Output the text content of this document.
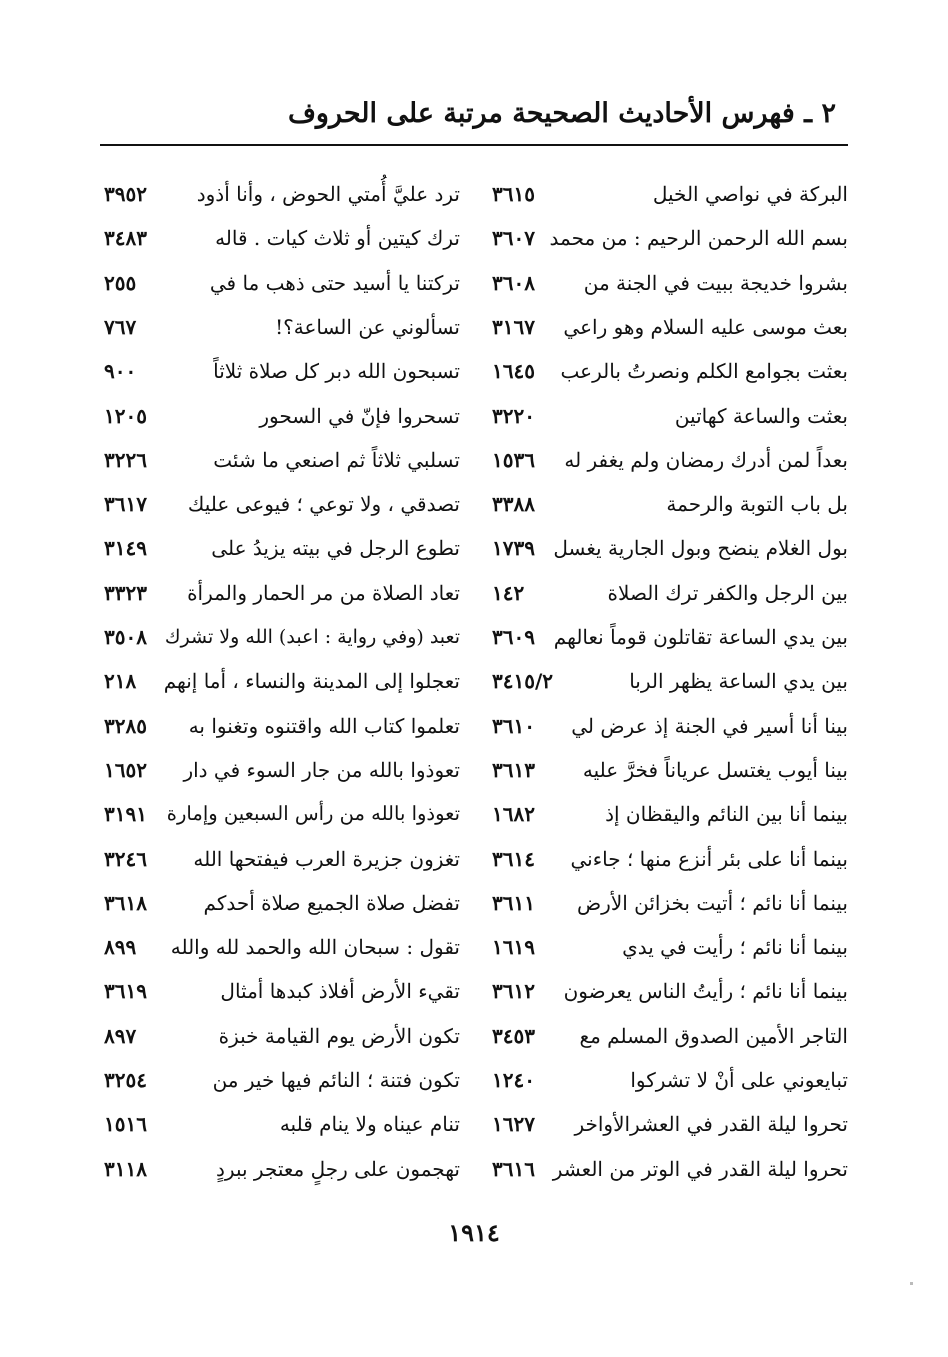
٢ ـ فهرس الأحاديث الصحيحة مرتبة على الحروف
البركة في نواصي الخيل
٣٦١٥
بسم الله الرحمن الرحيم : من محمد
٣٦٠٧
بشروا خديجة ببيت في الجنة من
٣٦٠٨
بعث موسى عليه السلام وهو راعي
٣١٦٧
بعثت بجوامع الكلم ونصرتُ بالرعب
١٦٤٥
بعثت والساعة كهاتين
٣٢٢٠
بعداً لمن أدرك رمضان ولم يغفر له
١٥٣٦
بل باب التوبة والرحمة
٣٣٨٨
بول الغلام ينضح وبول الجارية يغسل
١٧٣٩
بين الرجل والكفر ترك الصلاة
١٤٢
بين يدي الساعة تقاتلون قوماً نعالهم
٣٦٠٩
بين يدي الساعة يظهر الربا
٣٤١٥/٢
بينا أنا أسير في الجنة إذ عرض لي
٣٦١٠
بينا أيوب يغتسل عرياناً فخرَّ عليه
٣٦١٣
بينما أنا بين النائم واليقظان إذ
١٦٨٢
بينما أنا على بئر أنزع منها ؛ جاءني
٣٦١٤
بينما أنا نائم ؛ أتيت بخزائن الأرض
٣٦١١
بينما أنا نائم ؛ رأيت في يدي
١٦١٩
بينما أنا نائم ؛ رأيتُ الناس يعرضون
٣٦١٢
التاجر الأمين الصدوق المسلم مع
٣٤٥٣
تبايعوني على أنْ لا تشركوا
١٢٤٠
تحروا ليلة القدر في العشرالأواخر
١٦٢٧
تحروا ليلة القدر في الوتر من العشر
٣٦١٦
ترد عليَّ أُمتي الحوض ، وأنا أذود
٣٩٥٢
ترك كيتين أو ثلاث كيات . قاله
٣٤٨٣
تركتنا يا أسيد حتى ذهب ما في
٢٥٥
تسألوني عن الساعة؟!
٧٦٧
تسبحون الله دبر كل صلاة ثلاثاً
٩٠٠
تسحروا فإنّ في السحور
١٢٠٥
تسلبي ثلاثاً ثم اصنعي ما شئت
٣٢٢٦
تصدقي ، ولا توعي ؛ فيوعى عليك
٣٦١٧
تطوع الرجل في بيته يزيدُ على
٣١٤٩
تعاد الصلاة من مر الحمار والمرأة
٣٣٢٣
تعبد (وفي رواية : اعبد) الله ولا تشرك
٣٥٠٨
تعجلوا إلى المدينة والنساء ، أما إنهم
٢١٨
تعلموا كتاب الله واقتنوه وتغنوا به
٣٢٨٥
تعوذوا بالله من جار السوء في دار
١٦٥٢
تعوذوا بالله من رأس السبعين وإمارة
٣١٩١
تغزون جزيرة العرب فيفتحها الله
٣٢٤٦
تفضل صلاة الجميع صلاة أحدكم
٣٦١٨
تقول : سبحان الله والحمد لله والله
٨٩٩
تقيء الأرض أفلاذ كبدها أمثال
٣٦١٩
تكون الأرض يوم القيامة خبزة
٨٩٧
تكون فتنة ؛ النائم فيها خير من
٣٢٥٤
تنام عيناه ولا ينام قلبه
١٥١٦
تهجمون على رجلٍ معتجر ببردٍ
٣١١٨
١٩١٤
